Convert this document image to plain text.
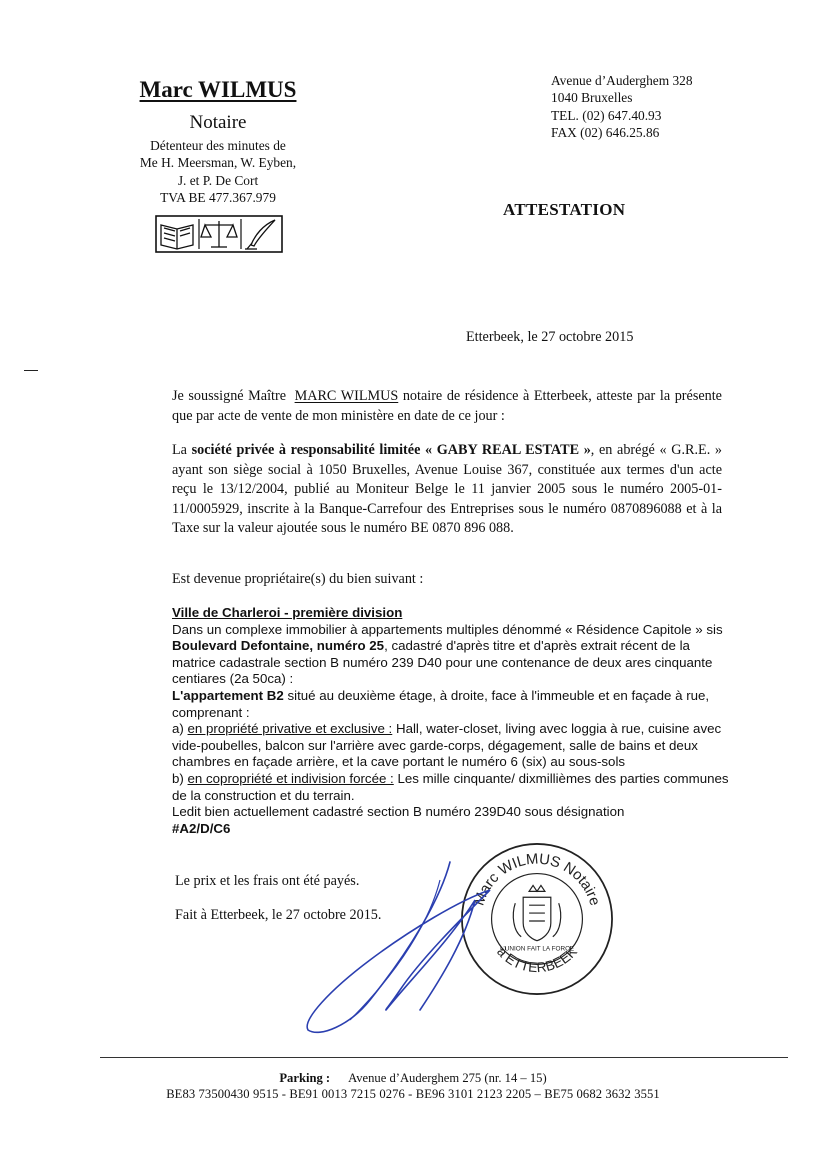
Marc WILMUS
Notaire
Détenteur des minutes de
Me H. Meersman, W. Eyben,
J. et P. De Cort
TVA BE 477.367.979
Avenue d’Auderghem 328
1040 Bruxelles
TEL. (02) 647.40.93
FAX (02) 646.25.86
ATTESTATION
Etterbeek, le 27 octobre 2015
Je soussigné Maître MARC WILMUS notaire de résidence à Etterbeek, atteste par la présente que par acte de vente de mon ministère en date de ce jour :
La société privée à responsabilité limitée « GABY REAL ESTATE », en abrégé « G.R.E. » ayant son siège social à 1050 Bruxelles, Avenue Louise 367, constituée aux termes d'un acte reçu le 13/12/2004, publié au Moniteur Belge le 11 janvier 2005 sous le numéro 2005-01-11/0005929, inscrite à la Banque-Carrefour des Entreprises sous le numéro 0870896088 et à la Taxe sur la valeur ajoutée sous le numéro BE 0870 896 088.
Est devenue propriétaire(s) du bien suivant :
Ville de Charleroi - première division
Dans un complexe immobilier à appartements multiples dénommé « Résidence Capitole » sis Boulevard Defontaine, numéro 25, cadastré d'après titre et d'après extrait récent de la matrice cadastrale section B numéro 239 D40 pour une contenance de deux ares cinquante centiares (2a 50ca) :
L'appartement B2 situé au deuxième étage, à droite, face à l'immeuble et en façade à rue, comprenant :
a) en propriété privative et exclusive : Hall, water-closet, living avec loggia à rue, cuisine avec vide-poubelles, balcon sur l'arrière avec garde-corps, dégagement, salle de bains et deux chambres en façade arrière, et la cave portant le numéro 6 (six) au sous-sols
b) en copropriété et indivision forcée : Les mille cinquante/ dixmillièmes des parties communes de la construction et du terrain.
Ledit bien actuellement cadastré section B numéro 239D40 sous désignation
#A2/D/C6
Le prix et les frais ont été payés.
Fait à Etterbeek, le 27 octobre 2015.
Marc WILMUS Notaire
à ETTERBEEK
L'UNION FAIT LA FORCE
Parking : Avenue d’Auderghem 275 (nr. 14 – 15)
BE83 73500430 9515 - BE91 0013 7215 0276 - BE96 3101 2123 2205 – BE75 0682 3632 3551
